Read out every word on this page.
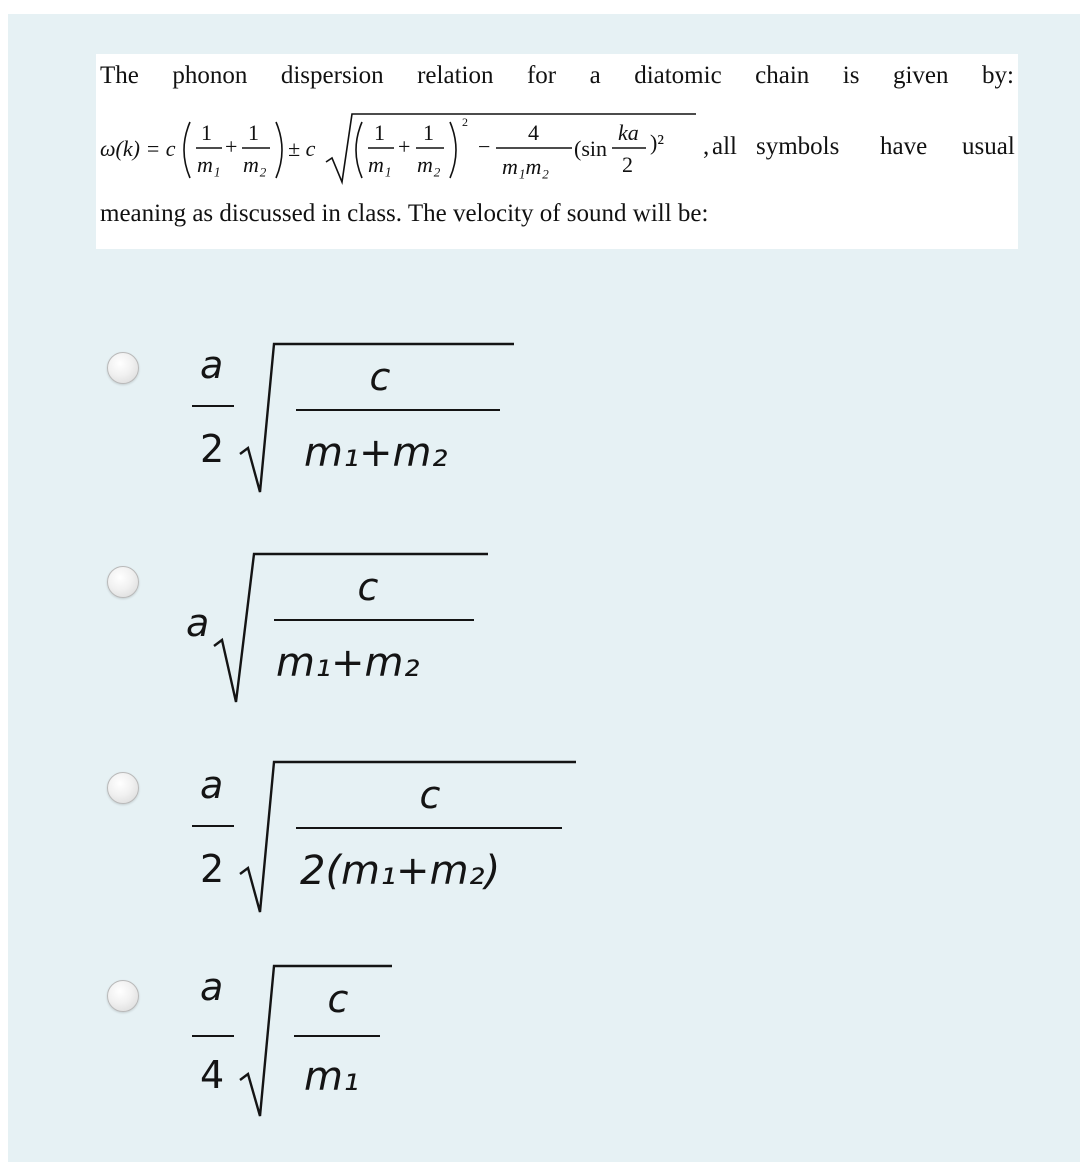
The phonon dispersion relation for a diatomic chain is given by:
ω(k) = c
1
m₁
+
1
m₂
± c
1
m₁
+
1
m₂
2
−
4
m₁m₂
(sin
ka
2
)² , all symbols have usual
meaning as discussed in class. The velocity of sound will be:
a
2
c
m₁+m₂
a
c
m₁+m₂
a
2
c
2(m₁+m₂)
a
4
c
m₁
